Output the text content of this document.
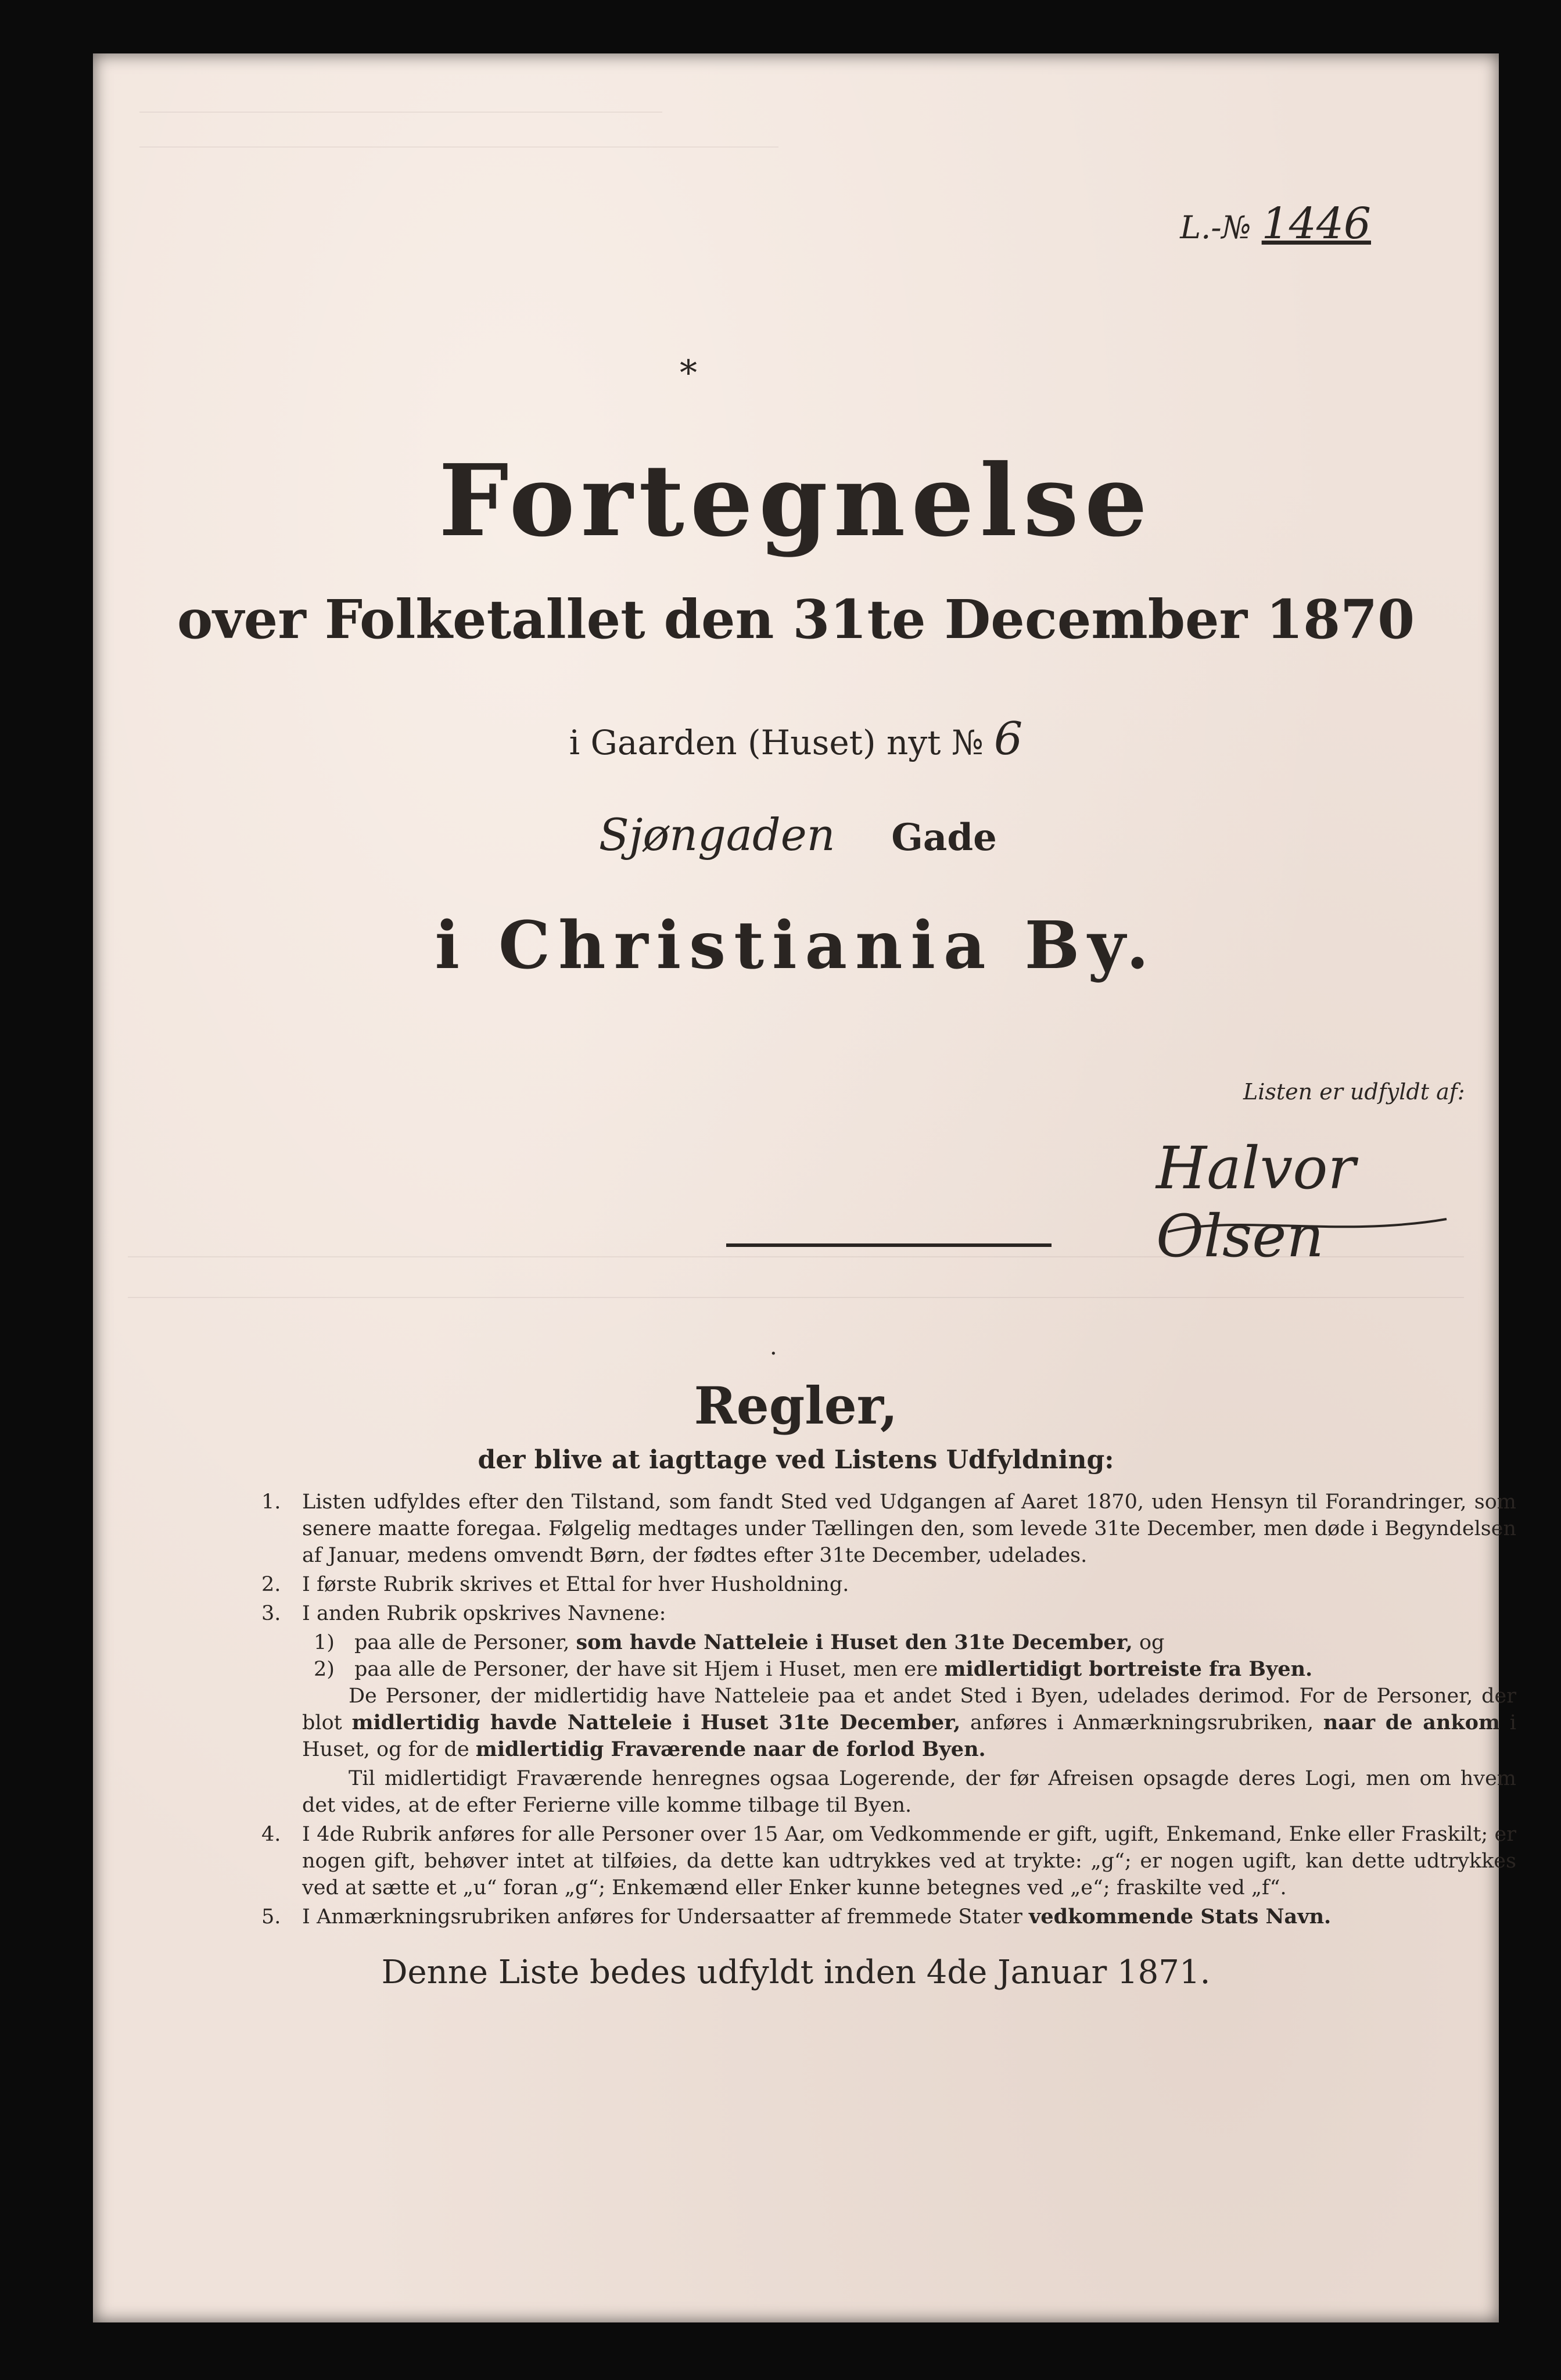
L.-№ 1446
*
Fortegnelse
over Folketallet den 31te December 1870
i Gaarden (Huset) nyt № 6
Sjøngaden Gade
i Christiania By.
Listen er udfyldt af:
Halvor Olsen
·
Regler,
der blive at iagttage ved Listens Udfyldning:
1. Listen udfyldes efter den Tilstand, som fandt Sted ved Udgangen af Aaret 1870, uden Hensyn til Forandringer, som senere maatte foregaa. Følgelig medtages under Tællingen den, som levede 31te December, men døde i Begyndelsen af Januar, medens omvendt Børn, der fødtes efter 31te December, udelades.
2. I første Rubrik skrives et Ettal for hver Husholdning.
3. I anden Rubrik opskrives Navnene:
1) paa alle de Personer, som havde Natteleie i Huset den 31te December, og
2) paa alle de Personer, der have sit Hjem i Huset, men ere midlertidigt bortreiste fra Byen.
De Personer, der midlertidig have Natteleie paa et andet Sted i Byen, udelades derimod. For de Personer, der blot midlertidig havde Natteleie i Huset 31te December, anføres i Anmærkningsrubriken, naar de ankom i Huset, og for de midlertidig Fraværende naar de forlod Byen.
Til midlertidigt Fraværende henregnes ogsaa Logerende, der før Afreisen opsagde deres Logi, men om hvem det vides, at de efter Ferierne ville komme tilbage til Byen.
4. I 4de Rubrik anføres for alle Personer over 15 Aar, om Vedkommende er gift, ugift, Enkemand, Enke eller Fraskilt; er nogen gift, behøver intet at tilføies, da dette kan udtrykkes ved at trykte: „g“; er nogen ugift, kan dette udtrykkes ved at sætte et „u“ foran „g“; Enkemænd eller Enker kunne betegnes ved „e“; fraskilte ved „f“.
5. I Anmærkningsrubriken anføres for Undersaatter af fremmede Stater vedkommende Stats Navn.
Denne Liste bedes udfyldt inden 4de Januar 1871.
